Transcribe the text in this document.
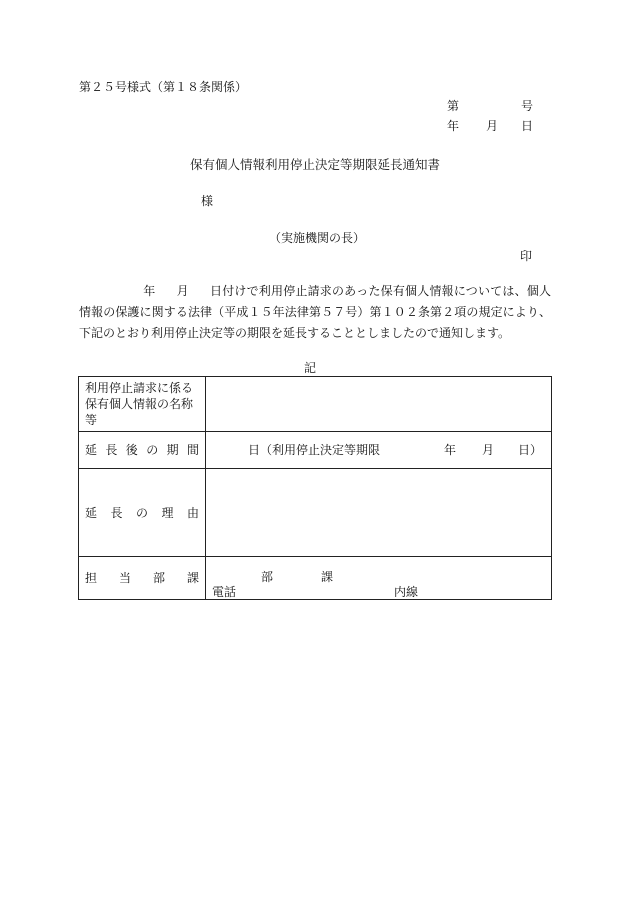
第２５号様式（第１８条関係）
第	号
年 月 日
保有個人情報利用停止決定等期限延長通知書
様
（実施機関の長）
印
年 月 日付けで利用停止請求のあった保有個人情報については、個人情報の保護に関する法律（平成１５年法律第５７号）第１０２条第２項の規定により、下記のとおり利用停止決定等の期限を延長することとしましたので通知します。
記
利用停止請求に係る保有個人情報の名称等	
延長後の期間	日（利用停止決定等期限 年 月 日）

延長の理由	
担当部課	部 課
電話 内線
